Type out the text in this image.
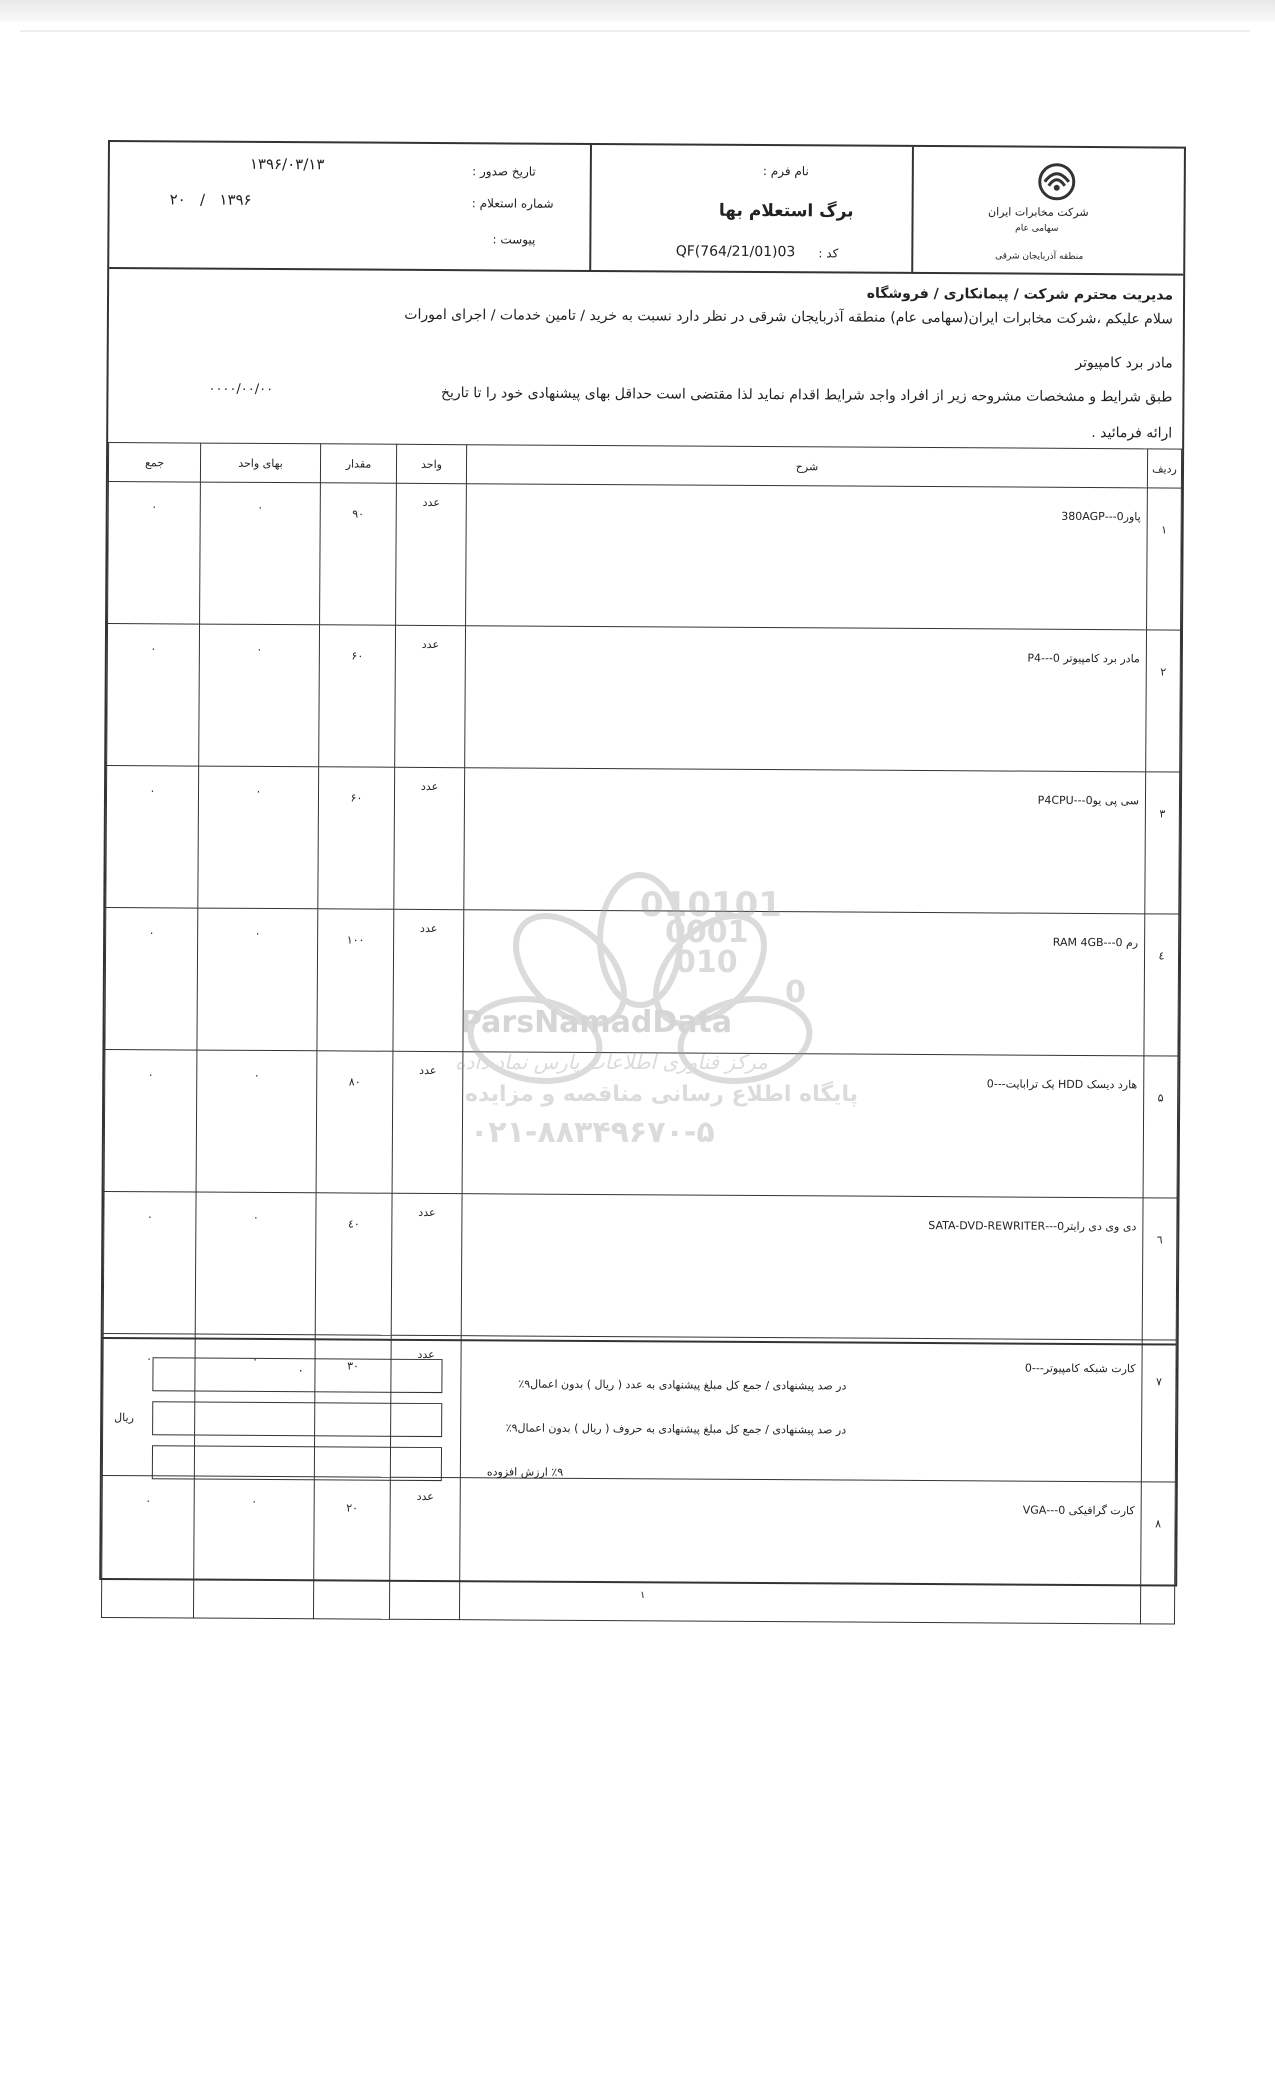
شرکت مخابرات ایران
سهامی عام
منطقه آذربایجان شرقی
نام فرم :
برگ استعلام بها
کد :
QF(764/21/01)03
تاریخ صدور :
۱۳۹۶/۰۳/۱۳
شماره استعلام :
۲۰   /   ۱۳۹۶
پیوست :
مدیریت محترم شرکت / پیمانکاری / فروشگاه
سلام علیکم ،شرکت مخابرات ایران(سهامی عام) منطقه آذربایجان شرقی در نظر دارد نسبت به خرید / تامین خدمات / اجرای امورات
مادر برد کامپیوتر
طبق شرایط و مشخصات مشروحه زیر از افراد واجد شرایط اقدام نماید لذا مقتضی است حداقل بهای پیشنهادی خود را تا تاریخ
۰۰۰۰/۰۰/۰۰
ارائه فرمائید .
جمع	بهای واحد	مقدار	واحد	شرح	ردیف
۰	۰	۹۰	عدد	پاور0---380AGP	۱
۰	۰	۶۰	عدد	مادر برد کامپیوتر 0---P4	۲
۰	۰	۶۰	عدد	سی پی یو0---P4CPU	۳
۰	۰	۱۰۰	عدد	رم 0---RAM 4GB	٤
۰	۰	۸۰	عدد	هارد دیسک HDD یک ترابایت---0	۵
۰	۰	٤۰	عدد	دی وی دی رایتر0---SATA-DVD-REWRITER	٦
۰	۰	۳۰	عدد	کارت شبکه کامپیوتر---0	۷
۰	۰	۲۰	عدد	کارت گرافیکی 0---VGA	۸
۰
در صد پیشنهادی / جمع کل مبلغ پیشنهادی به عدد ( ریال ) بدون اعمال۹٪
ریال
در صد پیشنهادی / جمع کل مبلغ پیشنهادی به حروف ( ریال ) بدون اعمال۹٪
٪۹ ارزش افزوده
۱
010101
0001
010
0
ParsNamadData
مرکز فناوری اطلاعات پارس نماد داده
پایگاه اطلاع رسانی مناقصه و مزایده
۰۲۱-۸۸۳۴۹۶۷۰-۵
